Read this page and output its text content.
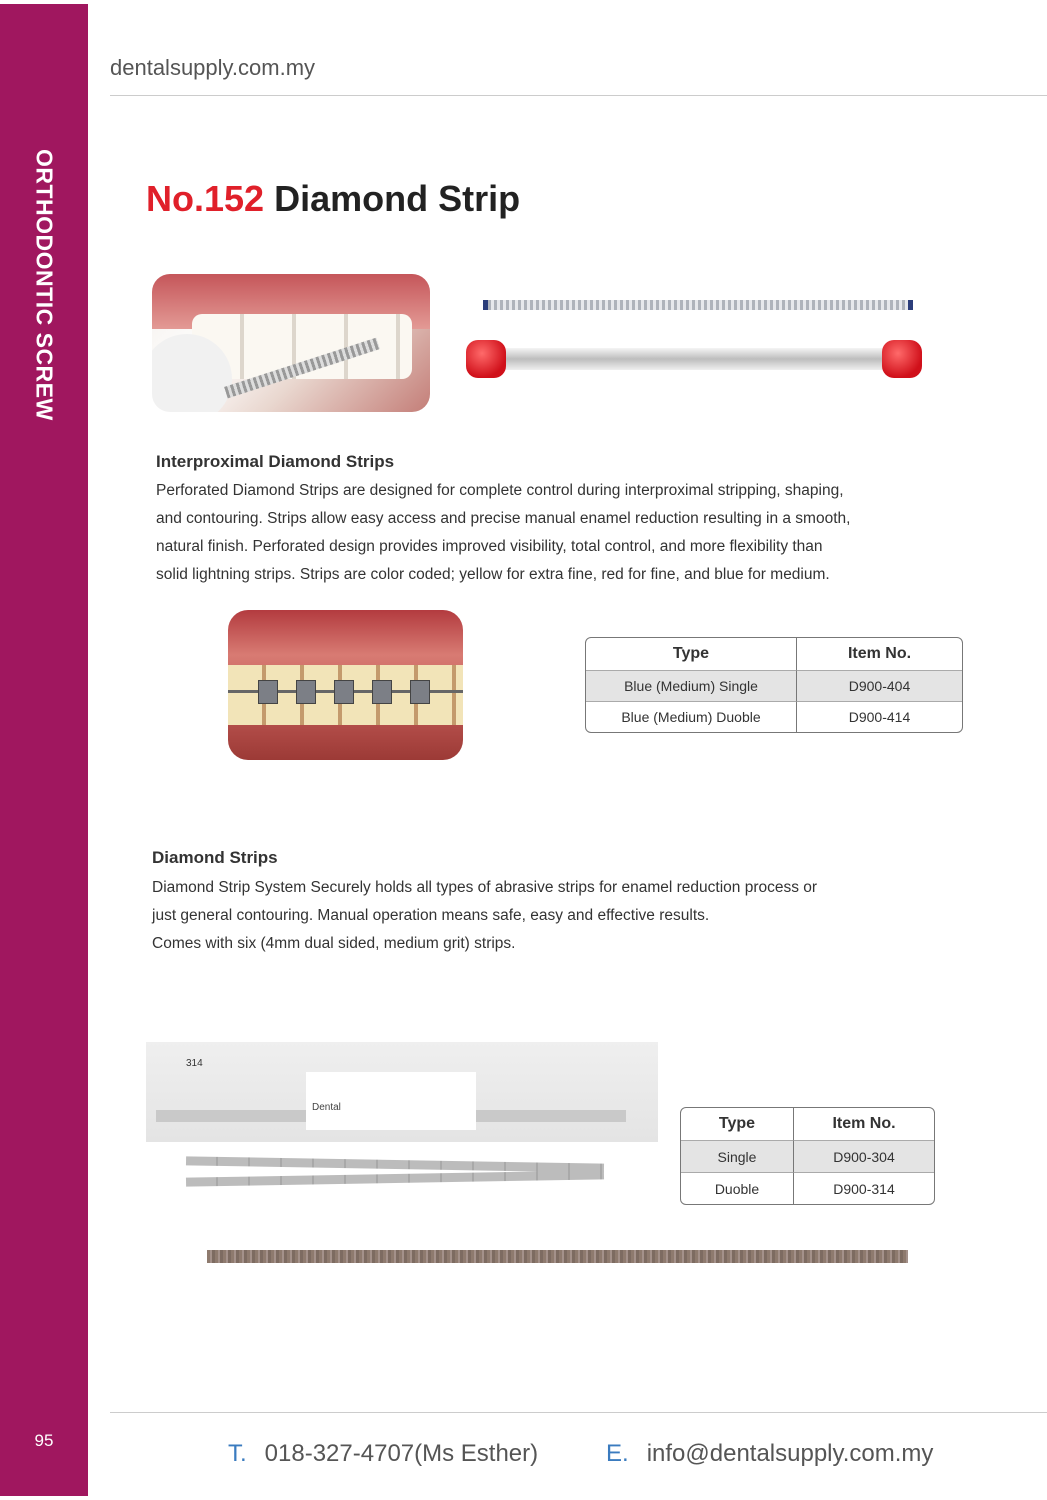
ORTHODONTIC SCREW
95
dentalsupply.com.my
No.152 Diamond Strip
Interproximal Diamond Strips
Perforated Diamond Strips are designed for complete control during interproximal stripping, shaping,
and contouring. Strips allow easy access and precise manual enamel reduction resulting in a smooth,
natural finish. Perforated design provides improved visibility, total control, and more flexibility than
solid lightning strips. Strips are color coded; yellow for extra fine, red for fine, and blue for medium.
Type	Item No.
Blue (Medium) Single	D900-404
Blue (Medium) Duoble	D900-414
Diamond Strips
Diamond Strip System Securely holds all types of abrasive strips for enamel reduction process or
just general contouring. Manual operation means safe, easy and effective results.
Comes with six (4mm dual sided, medium grit) strips.
314
Dental
Type	Item No.
Single	D900-304
Duoble	D900-314
T. 018-327-4707(Ms Esther)	E. info@dentalsupply.com.my
